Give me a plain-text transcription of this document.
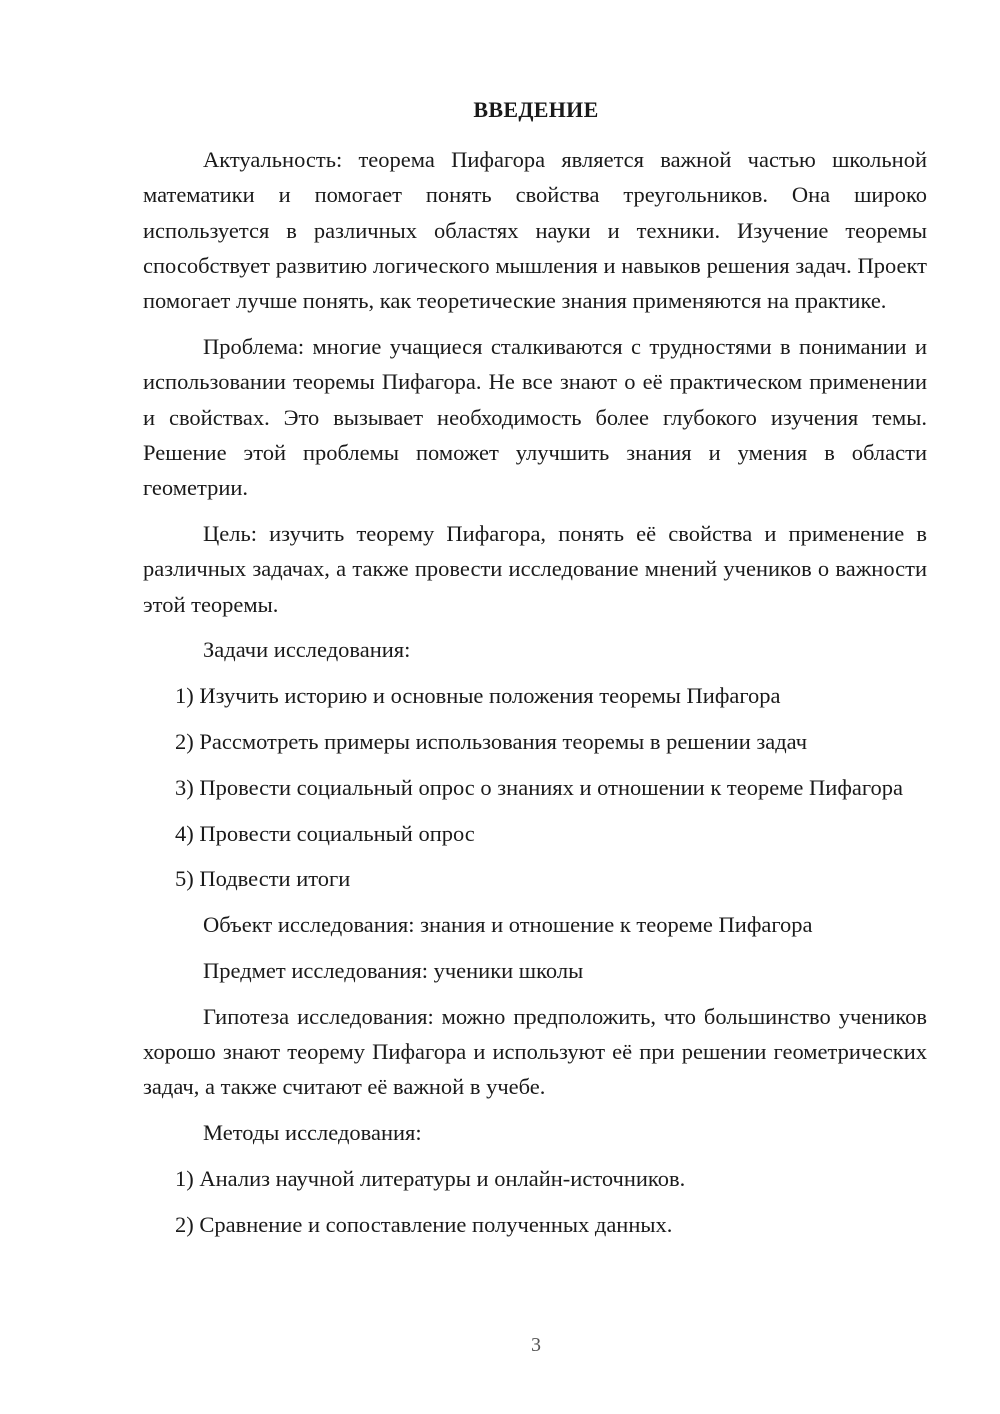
ВВЕДЕНИЕ

Актуальность: теорема Пифагора является важной частью школьной математики и помогает понять свойства треугольников. Она широко используется в различных областях науки и техники. Изучение теоремы способствует развитию логического мышления и навыков решения задач. Проект помогает лучше понять, как теоретические знания применяются на практике.

Проблема: многие учащиеся сталкиваются с трудностями в понимании и использовании теоремы Пифагора. Не все знают о её практическом применении и свойствах. Это вызывает необходимость более глубокого изучения темы. Решение этой проблемы поможет улучшить знания и умения в области геометрии.

Цель: изучить теорему Пифагора, понять её свойства и применение в различных задачах, а также провести исследование мнений учеников о важности этой теоремы.

Задачи исследования:

1) Изучить историю и основные положения теоремы Пифагора

2) Рассмотреть примеры использования теоремы в решении задач

3) Провести социальный опрос о знаниях и отношении к теореме Пифагора

4) Провести социальный опрос

5) Подвести итоги

Объект исследования: знания и отношение к теореме Пифагора

Предмет исследования: ученики школы

Гипотеза исследования: можно предположить, что большинство учеников хорошо знают теорему Пифагора и используют её при решении геометрических задач, а также считают её важной в учебе.

Методы исследования:

1) Анализ научной литературы и онлайн-источников.

2) Сравнение и сопоставление полученных данных.

3
